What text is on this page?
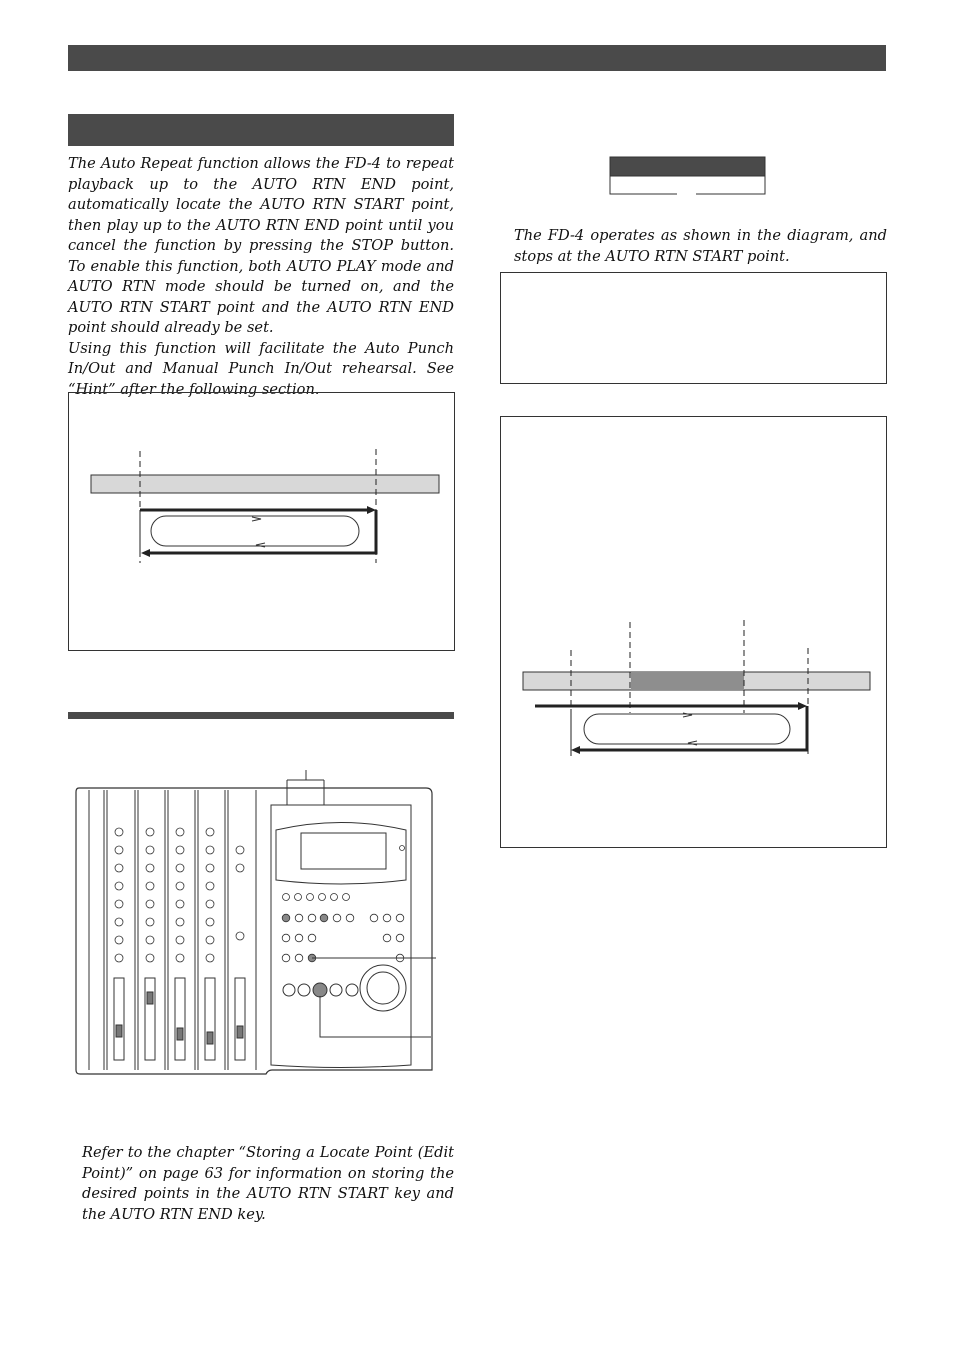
The Auto Repeat function allows the FD-4 to repeat playback up to the AUTO RTN END point, automatically locate the AUTO RTN START point, then play up to the AUTO RTN END point until you cancel the function by pressing the STOP button. To enable this function, both AUTO PLAY mode and AUTO RTN mode should be turned on, and the AUTO RTN START point and the AUTO RTN END point should already be set.

Using this function will facilitate the Auto Punch In/Out and Manual Punch In/Out rehearsal. See “Hint” after the following section.

Refer to the chapter “Storing a Locate Point (Edit Point)” on page 63 for information on storing the desired points in the AUTO RTN START key and the AUTO RTN END key.

The FD-4 operates as shown in the diagram, and stops at the AUTO RTN START point.
